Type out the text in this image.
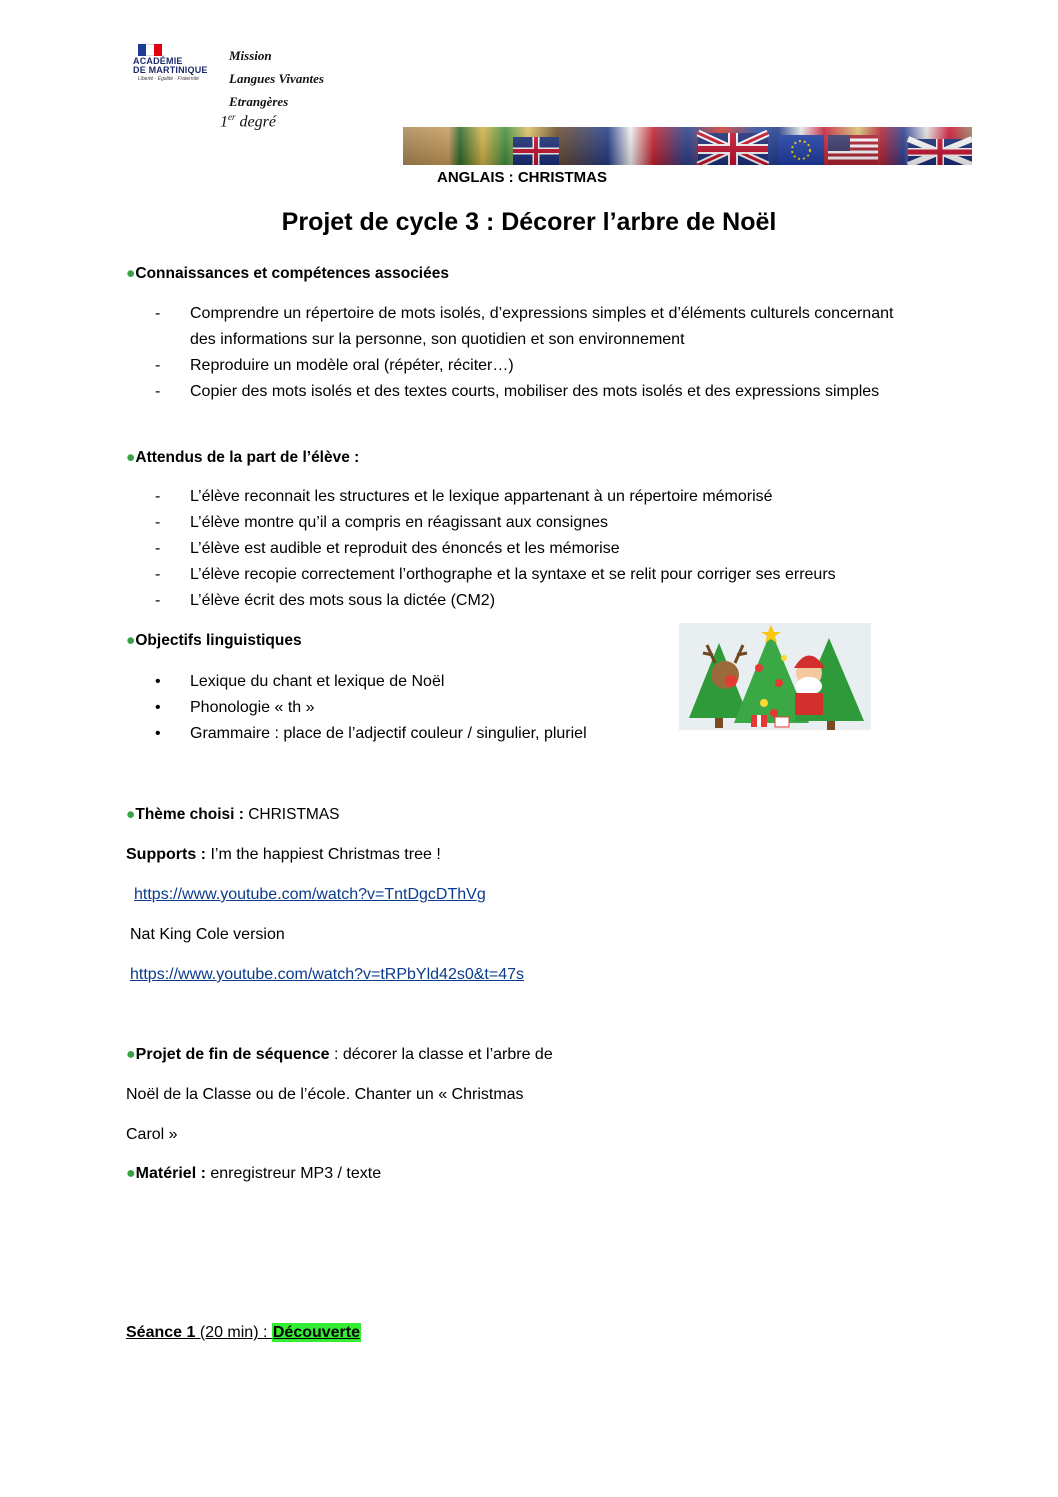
ACADÉMIE
DE MARTINIQUE
Liberté · Égalité · Fraternité
Mission
Langues Vivantes
Etrangères
1er degré
ANGLAIS : CHRISTMAS
Projet de cycle 3 : Décorer l’arbre de Noël
●Connaissances et compétences associées
-	Comprendre un répertoire de mots isolés, d’expressions simples et d’éléments culturels concernant des informations sur la personne, son quotidien et son environnement
-	Reproduire un modèle oral (répéter, réciter…)
-	Copier des mots isolés et des textes courts, mobiliser des mots isolés et des expressions simples
●Attendus de la part de l’élève :
-	L’élève reconnait les structures et le lexique appartenant à un répertoire mémorisé
-	L’élève montre qu’il a compris en réagissant aux consignes
-	L’élève est audible et reproduit des énoncés et les mémorise
-	L’élève recopie correctement l’orthographe et la syntaxe et se relit pour corriger ses erreurs
-	L’élève écrit des mots sous la dictée (CM2)
●Objectifs linguistiques
•	Lexique du chant et lexique de Noël
•	Phonologie « th »
•	Grammaire : place de l’adjectif couleur / singulier, pluriel
●Thème choisi : CHRISTMAS
Supports : I’m the happiest Christmas tree !
https://www.youtube.com/watch?v=TntDgcDThVg
Nat King Cole version
https://www.youtube.com/watch?v=tRPbYld42s0&t=47s
●Projet de fin de séquence : décorer la classe et l’arbre de
Noël de la Classe ou de l’école. Chanter un « Christmas
Carol »
●Matériel : enregistreur MP3 / texte
Séance 1 (20 min) : Découverte
